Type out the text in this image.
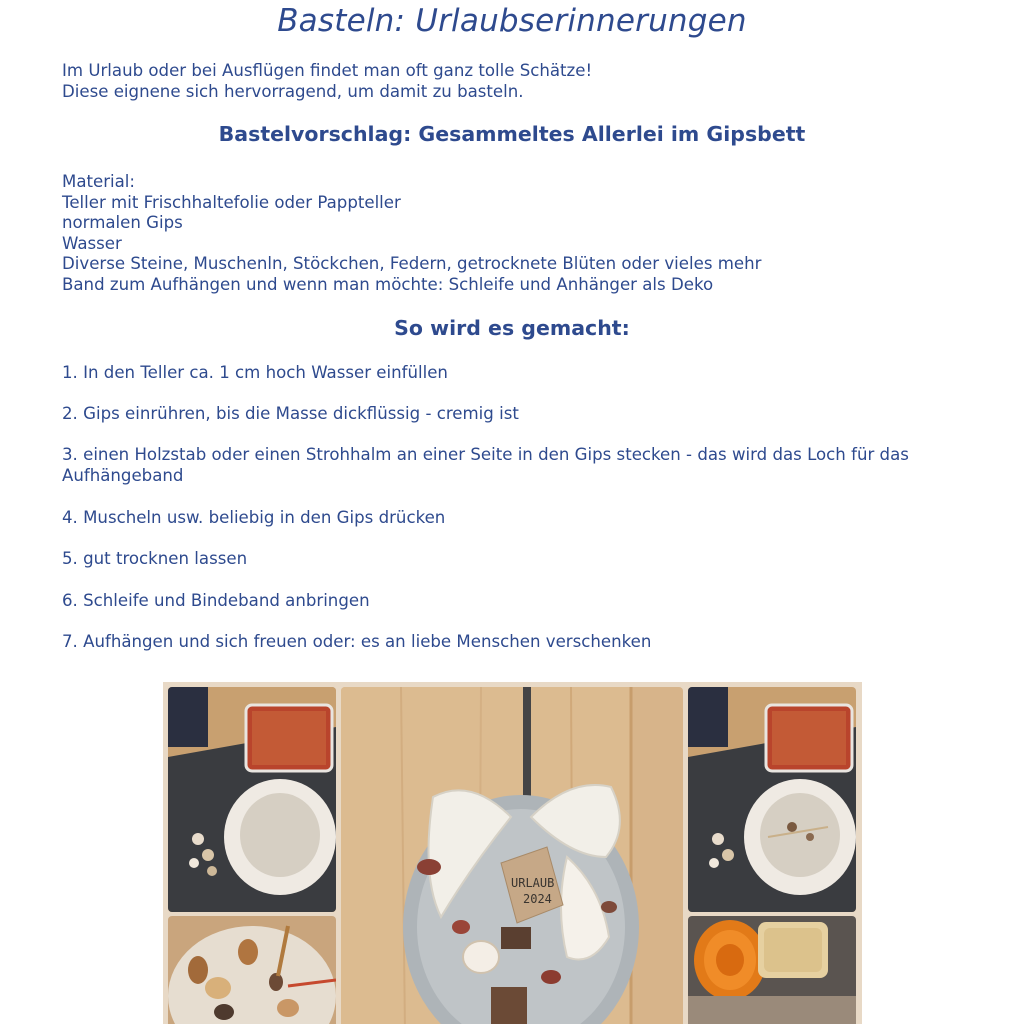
Basteln: Urlaubserinnerungen
Im Urlaub oder bei Ausflügen findet man oft ganz tolle Schätze!
Diese eignene sich hervorragend, um damit zu basteln.
Bastelvorschlag: Gesammeltes Allerlei im Gipsbett
Material:
Teller mit Frischhaltefolie oder Pappteller
normalen Gips
Wasser
Diverse Steine, Muschenln, Stöckchen, Federn, getrocknete Blüten oder vieles mehr
Band zum Aufhängen und wenn man möchte: Schleife und Anhänger als Deko
So wird es gemacht:
1. In den Teller ca. 1 cm hoch Wasser einfüllen
2. Gips einrühren, bis die Masse dickflüssig - cremig ist
3. einen Holzstab oder einen Strohhalm an einer Seite in den Gips stecken - das wird das Loch für das Aufhängeband
4. Muscheln usw. beliebig in den Gips drücken
5. gut trocknen lassen
6. Schleife und Bindeband anbringen
7. Aufhängen und sich freuen oder: es an liebe Menschen verschenken
URLAUB
2024
